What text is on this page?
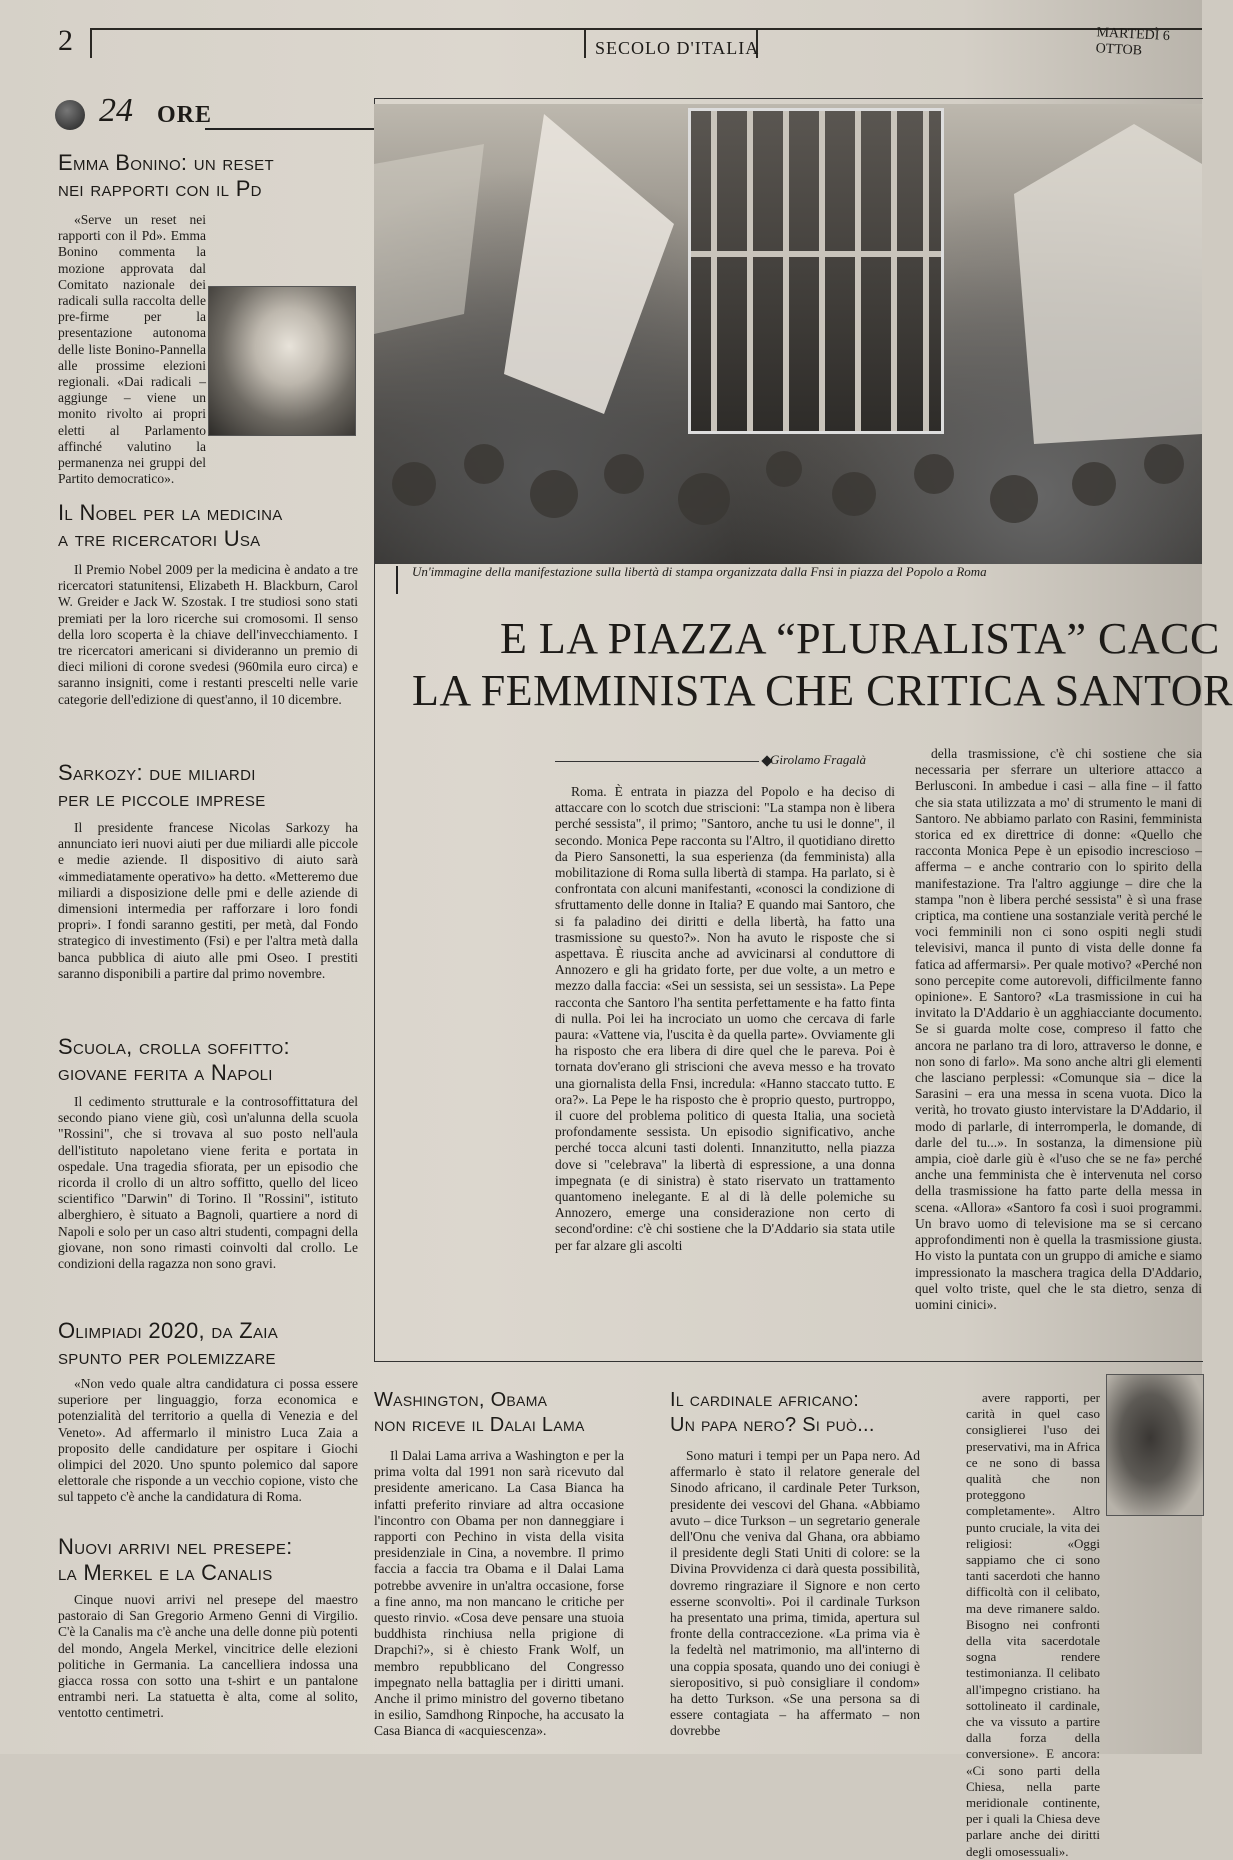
2	SECOLO D'ITALIA
MARTEDÌ 6 OTTOB
24 ORE
Emma Bonino: un reset
nei rapporti con il Pd

«Serve un reset nei rapporti con il Pd». Emma Bonino commenta la mozione approvata dal Comitato nazionale dei radicali sulla raccolta delle pre-firme per la presentazione autonoma delle liste Bonino-Pannella alle prossime elezioni regionali. «Dai radicali – aggiunge – viene un monito rivolto ai propri eletti al Parlamento affinché valutino la permanenza nei gruppi del Partito democratico».

Il Nobel per la medicina
a tre ricercatori Usa

Il Premio Nobel 2009 per la medicina è andato a tre ricercatori statunitensi, Elizabeth H. Blackburn, Carol W. Greider e Jack W. Szostak. I tre studiosi sono stati premiati per la loro ricerche sui cromosomi. Il senso della loro scoperta è la chiave dell'invecchiamento. I tre ricercatori americani si divideranno un premio di dieci milioni di corone svedesi (960mila euro circa) e saranno insigniti, come i restanti prescelti nelle varie categorie dell'edizione di quest'anno, il 10 dicembre.

Sarkozy: due miliardi
per le piccole imprese

Il presidente francese Nicolas Sarkozy ha annunciato ieri nuovi aiuti per due miliardi alle piccole e medie aziende. Il dispositivo di aiuto sarà «immediatamente operativo» ha detto. «Metteremo due miliardi a disposizione delle pmi e delle aziende di dimensioni intermedia per rafforzare i loro fondi propri». I fondi saranno gestiti, per metà, dal Fondo strategico di investimento (Fsi) e per l'altra metà dalla banca pubblica di aiuto alle pmi Oseo. I prestiti saranno disponibili a partire dal primo novembre.

Scuola, crolla soffitto:
giovane ferita a Napoli

Il cedimento strutturale e la controsoffittatura del secondo piano viene giù, così un'alunna della scuola "Rossini", che si trovava al suo posto nell'aula dell'istituto napoletano viene ferita e portata in ospedale. Una tragedia sfiorata, per un episodio che ricorda il crollo di un altro soffitto, quello del liceo scientifico "Darwin" di Torino. Il "Rossini", istituto alberghiero, è situato a Bagnoli, quartiere a nord di Napoli e solo per un caso altri studenti, compagni della giovane, non sono rimasti coinvolti dal crollo. Le condizioni della ragazza non sono gravi.

Olimpiadi 2020, da Zaia
spunto per polemizzare

«Non vedo quale altra candidatura ci possa essere superiore per linguaggio, forza economica e potenzialità del territorio a quella di Venezia e del Veneto». Ad affermarlo il ministro Luca Zaia a proposito delle candidature per ospitare i Giochi olimpici del 2020. Uno spunto polemico dal sapore elettorale che risponde a un vecchio copione, visto che sul tappeto c'è anche la candidatura di Roma.

Nuovi arrivi nel presepe:
la Merkel e la Canalis

Cinque nuovi arrivi nel presepe del maestro pastoraio di San Gregorio Armeno Genni di Virgilio. C'è la Canalis ma c'è anche una delle donne più potenti del mondo, Angela Merkel, vincitrice delle elezioni politiche in Germania. La cancelliera indossa una giacca rossa con sotto una t-shirt e un pantalone entrambi neri. La statuetta è alta, come al solito, ventotto centimetri.

Un'immagine della manifestazione sulla libertà di stampa organizzata dalla Fnsi in piazza del Popolo a Roma
E LA PIAZZA “PLURALISTA” CACC
LA FEMMINISTA CHE CRITICA SANTOR
Girolamo Fragalà

Roma. È entrata in piazza del Popolo e ha deciso di attaccare con lo scotch due striscioni: "La stampa non è libera perché sessista", il primo; "Santoro, anche tu usi le donne", il secondo. Monica Pepe racconta su l'Altro, il quotidiano diretto da Piero Sansonetti, la sua esperienza (da femminista) alla mobilitazione di Roma sulla libertà di stampa. Ha parlato, si è confrontata con alcuni manifestanti, «conosci la condizione di sfruttamento delle donne in Italia? E quando mai Santoro, che si fa paladino dei diritti e della libertà, ha fatto una trasmissione su questo?». Non ha avuto le risposte che si aspettava. È riuscita anche ad avvicinarsi al conduttore di Annozero e gli ha gridato forte, per due volte, a un metro e mezzo dalla faccia: «Sei un sessista, sei un sessista». La Pepe racconta che Santoro l'ha sentita perfettamente e ha fatto finta di nulla. Poi lei ha incrociato un uomo che cercava di farle paura: «Vattene via, l'uscita è da quella parte». Ovviamente gli ha risposto che era libera di dire quel che le pareva. Poi è tornata dov'erano gli striscioni che aveva messo e ha trovato una giornalista della Fnsi, incredula: «Hanno staccato tutto. E ora?». La Pepe le ha risposto che è proprio questo, purtroppo, il cuore del problema politico di questa Italia, una società profondamente sessista. Un episodio significativo, anche perché tocca alcuni tasti dolenti. Innanzitutto, nella piazza dove si "celebrava" la libertà di espressione, a una donna impegnata (e di sinistra) è stato riservato un trattamento quantomeno inelegante. E al di là delle polemiche su Annozero, emerge una considerazione non certo di second'ordine: c'è chi sostiene che la D'Addario sia stata utile per far alzare gli ascolti

della trasmissione, c'è chi sostiene che sia necessaria per sferrare un ulteriore attacco a Berlusconi. In ambedue i casi – alla fine – il fatto che sia stata utilizzata a mo' di strumento le mani di Santoro. Ne abbiamo parlato con Rasini, femminista storica ed ex direttrice di donne: «Quello che racconta Monica Pepe è un episodio increscioso – afferma – e anche contrario con lo spirito della manifestazione. Tra l'altro aggiunge – dire che la stampa "non è libera perché sessista" è sì una frase criptica, ma contiene una sostanziale verità perché le voci femminili non ci sono ospiti negli studi televisivi, manca il punto di vista delle donne fa fatica ad affermarsi». Per quale motivo? «Perché non sono percepite come autorevoli, difficilmente fanno opinione». E Santoro? «La trasmissione in cui ha invitato la D'Addario è un agghiacciante documento. Se si guarda molte cose, compreso il fatto che ancora ne parlano tra di loro, attraverso le donne, e non sono di farlo». Ma sono anche altri gli elementi che lasciano perplessi: «Comunque sia – dice la Sarasini – era una messa in scena vuota. Dico la verità, ho trovato giusto intervistare la D'Addario, il modo di parlarle, di interromperla, le domande, di darle del tu...». In sostanza, la dimensione più ampia, cioè darle giù è «l'uso che se ne fa» perché anche una femminista che è intervenuta nel corso della trasmissione ha fatto parte della messa in scena. «Allora» «Santoro fa così i suoi programmi. Un bravo uomo di televisione ma se si cercano approfondimenti non è quella la trasmissione giusta. Ho visto la puntata con un gruppo di amiche e siamo impressionato la maschera tragica della D'Addario, quel volto triste, quel che le sta dietro, senza di uomini cinici».

Washington, Obama
non riceve il Dalai Lama

Il Dalai Lama arriva a Washington e per la prima volta dal 1991 non sarà ricevuto dal presidente americano. La Casa Bianca ha infatti preferito rinviare ad altra occasione l'incontro con Obama per non danneggiare i rapporti con Pechino in vista della visita presidenziale in Cina, a novembre. Il primo faccia a faccia tra Obama e il Dalai Lama potrebbe avvenire in un'altra occasione, forse a fine anno, ma non mancano le critiche per questo rinvio. «Cosa deve pensare una stuoia buddhista rinchiusa nella prigione di Drapchi?», si è chiesto Frank Wolf, un membro repubblicano del Congresso impegnato nella battaglia per i diritti umani. Anche il primo ministro del governo tibetano in esilio, Samdhong Rinpoche, ha accusato la Casa Bianca di «acquiescenza».

Il cardinale africano:
Un papa nero? Si può...

Sono maturi i tempi per un Papa nero. Ad affermarlo è stato il relatore generale del Sinodo africano, il cardinale Peter Turkson, presidente dei vescovi del Ghana. «Abbiamo avuto – dice Turkson – un segretario generale dell'Onu che veniva dal Ghana, ora abbiamo il presidente degli Stati Uniti di colore: se la Divina Provvidenza ci darà questa possibilità, dovremo ringraziare il Signore e non certo esserne sconvolti». Poi il cardinale Turkson ha presentato una prima, timida, apertura sul fronte della contraccezione. «La prima via è la fedeltà nel matrimonio, ma all'interno di una coppia sposata, quando uno dei coniugi è sieropositivo, si può consigliare il condom» ha detto Turkson. «Se una persona sa di essere contagiata – ha affermato – non dovrebbe

avere rapporti, per carità in quel caso consiglierei l'uso dei preservativi, ma in Africa ce ne sono di bassa qualità che non proteggono completamente». Altro punto cruciale, la vita dei religiosi: «Oggi sappiamo che ci sono tanti sacerdoti che hanno difficoltà con il celibato, ma deve rimanere saldo. Bisogno nei confronti della vita sacerdotale sogna rendere testimonianza. Il celibato all'impegno cristiano. ha sottolineato il cardinale, che va vissuto a partire dalla forza della conversione». E ancora: «Ci sono parti della Chiesa, nella parte meridionale continente, per i quali la Chiesa deve parlare anche dei diritti degli omosessuali».
